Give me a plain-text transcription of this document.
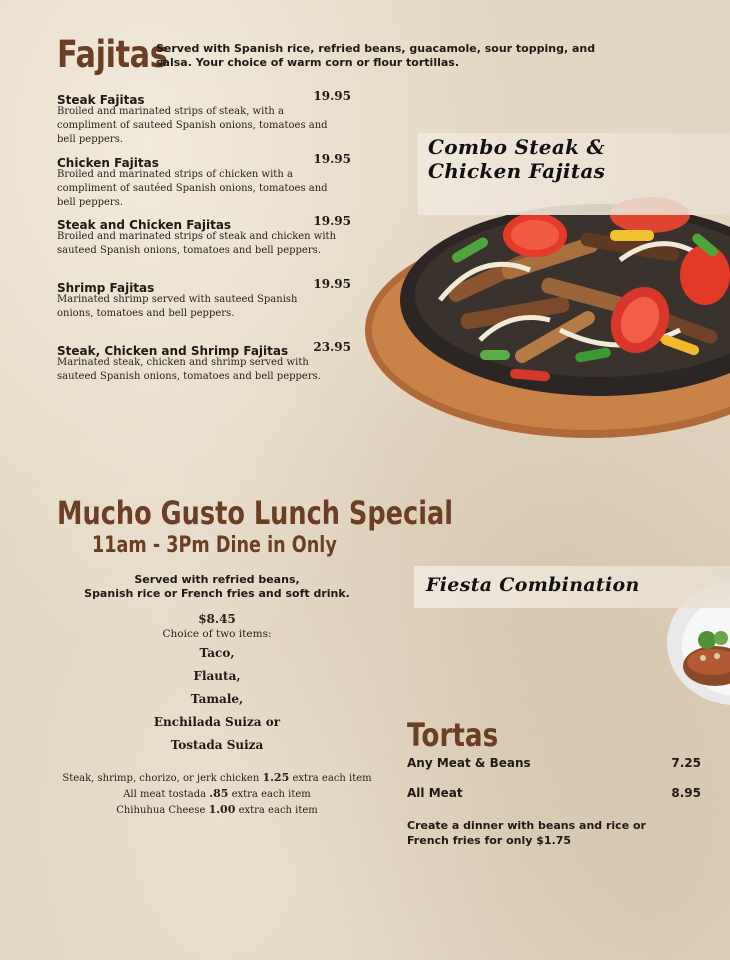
Fajitas
Served with Spanish rice, refried beans, guacamole, sour topping, and salsa. Your choice of warm corn or flour tortillas.
Steak Fajitas	19.95
Broiled and marinated strips of steak, with a compliment of sauteed Spanish onions, tomatoes and bell peppers.
Chicken Fajitas	19.95
Broiled and marinated strips of chicken with a compliment of sautéed Spanish onions, tomatoes and bell peppers.
Steak and Chicken Fajitas	19.95
Broiled and marinated strips of steak and chicken with sauteed Spanish onions, tomatoes and bell peppers.
Shrimp Fajitas	19.95
Marinated shrimp served with sauteed Spanish onions, tomatoes and bell peppers.
Steak, Chicken and Shrimp Fajitas 23.95
Marinated steak, chicken and shrimp served with sauteed Spanish onions, tomatoes and bell peppers.
Combo Steak &
Chicken Fajitas
Mucho Gusto Lunch Special
11am - 3Pm Dine in Only
Served with refried beans,
Spanish rice or French fries and soft drink.
$8.45
Choice of two items:
Taco,
Flauta,
Tamale,
Enchilada Suiza or
Tostada Suiza
Steak, shrimp, chorizo, or jerk chicken 1.25 extra each item
All meat tostada .85 extra each item
Chihuhua Cheese 1.00 extra each item
Fiesta Combination
Tortas
Any Meat & Beans	7.25
All Meat	8.95
Create a dinner with beans and rice or French fries for only $1.75
